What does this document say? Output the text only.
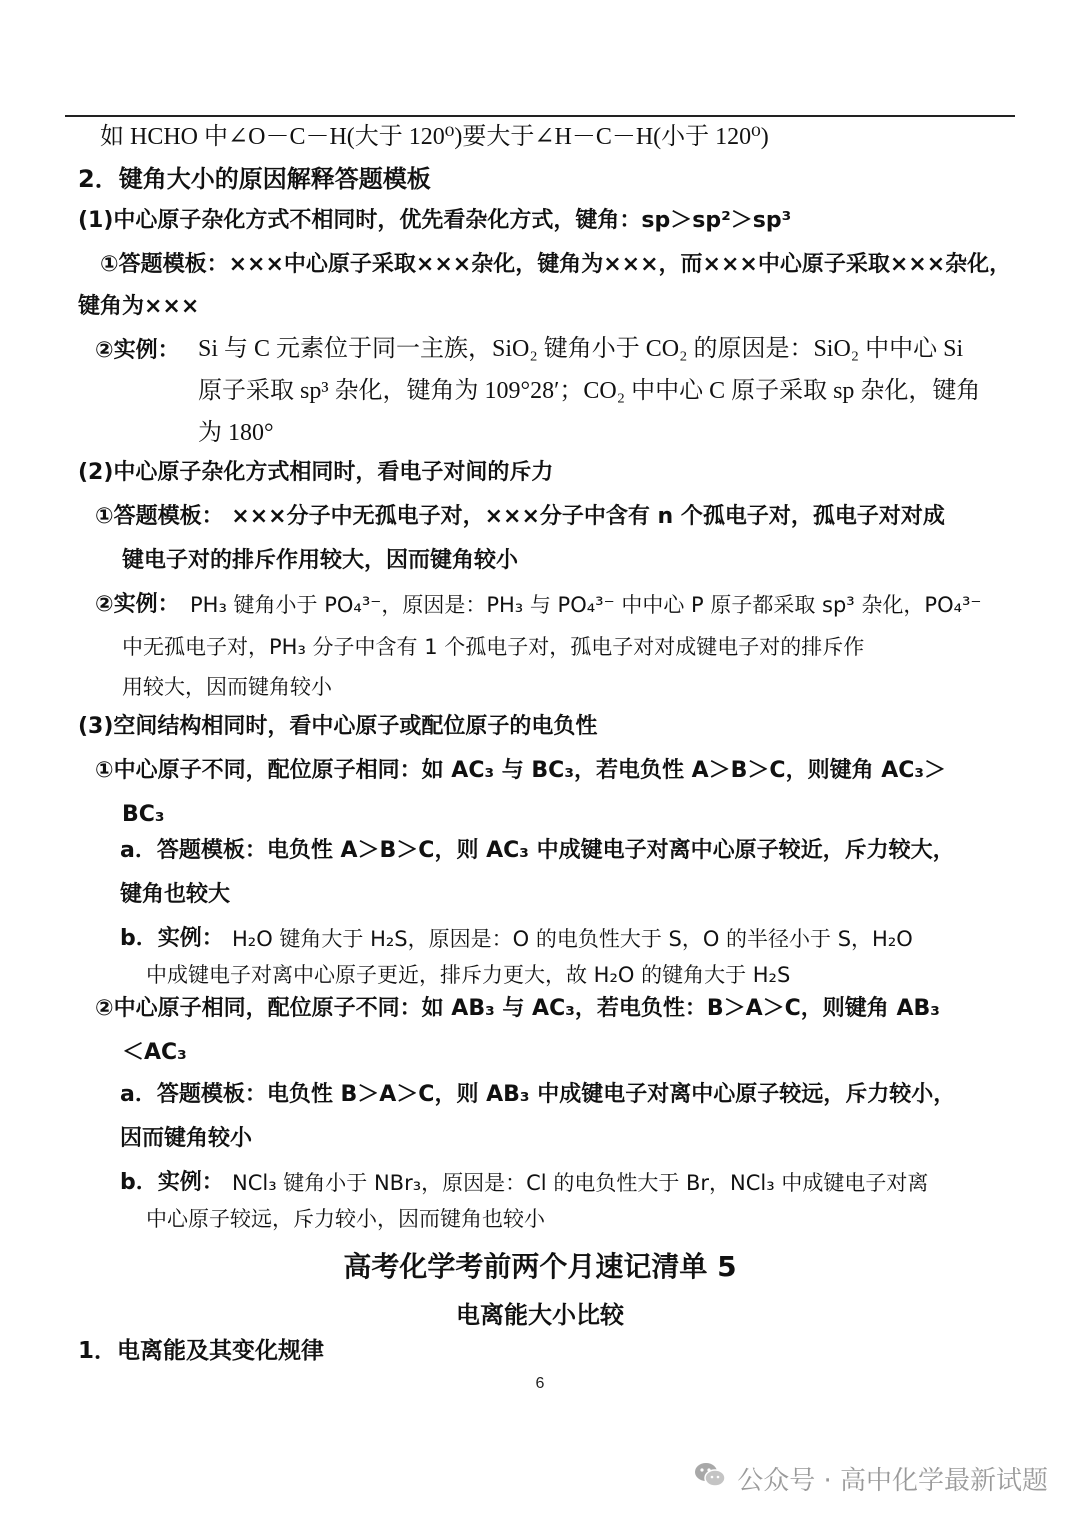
如 HCHO 中∠O－C－H(大于 120⁰)要大于∠H－C－H(小于 120⁰)
2．键角大小的原因解释答题模板
(1)中心原子杂化方式不相同时，优先看杂化方式，键角：sp＞sp²＞sp³
①答题模板：×××中心原子采取×××杂化，键角为×××，而×××中心原子采取×××杂化，
键角为×××
②实例： Si 与 C 元素位于同一主族，SiO₂ 键角小于 CO₂ 的原因是：SiO₂ 中中心 Si
原子采取 sp³ 杂化，键角为 109°28′；CO₂ 中中心 C 原子采取 sp 杂化，键角
为 180°
(2)中心原子杂化方式相同时，看电子对间的斥力
①答题模板： ×××分子中无孤电子对，×××分子中含有 n 个孤电子对，孤电子对对成
键电子对的排斥作用较大，因而键角较小
②实例： PH₃ 键角小于 PO₄³⁻，原因是：PH₃ 与 PO₄³⁻ 中中心 P 原子都采取 sp³ 杂化，PO₄³⁻
中无孤电子对，PH₃ 分子中含有 1 个孤电子对，孤电子对对成键电子对的排斥作
用较大，因而键角较小
(3)空间结构相同时，看中心原子或配位原子的电负性
①中心原子不同，配位原子相同：如 AC₃ 与 BC₃，若电负性 A＞B＞C，则键角 AC₃＞
BC₃
a．答题模板：电负性 A＞B＞C，则 AC₃ 中成键电子对离中心原子较近，斥力较大，
键角也较大
b．实例： H₂O 键角大于 H₂S，原因是：O 的电负性大于 S，O 的半径小于 S，H₂O
中成键电子对离中心原子更近，排斥力更大，故 H₂O 的键角大于 H₂S
②中心原子相同，配位原子不同：如 AB₃ 与 AC₃，若电负性：B＞A＞C，则键角 AB₃
＜AC₃
a．答题模板：电负性 B＞A＞C，则 AB₃ 中成键电子对离中心原子较远，斥力较小，
因而键角较小
b．实例： NCl₃ 键角小于 NBr₃，原因是：Cl 的电负性大于 Br，NCl₃ 中成键电子对离
中心原子较远，斥力较小，因而键角也较小
高考化学考前两个月速记清单 5
电离能大小比较
1．电离能及其变化规律
6
公众号 · 高中化学最新试题
